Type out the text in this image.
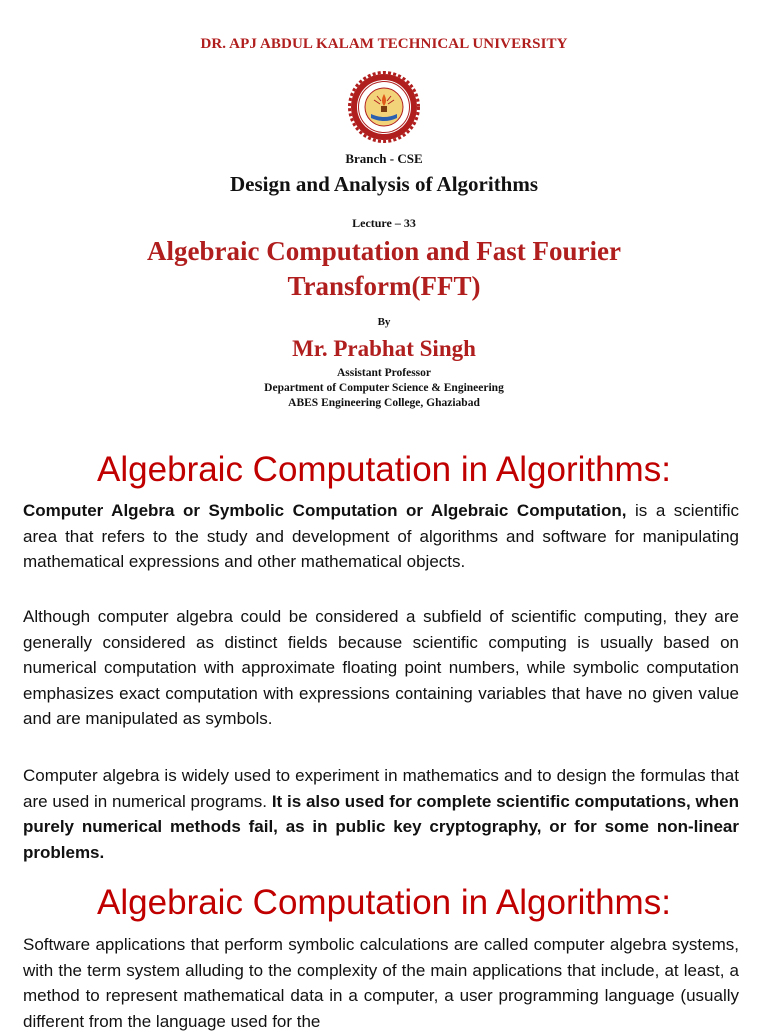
DR. APJ ABDUL KALAM TECHNICAL UNIVERSITY
Branch - CSE
Design and Analysis of Algorithms
Lecture – 33
Algebraic Computation and Fast Fourier
Transform(FFT)
By
Mr. Prabhat Singh
Assistant Professor
Department of Computer Science & Engineering
ABES Engineering College, Ghaziabad
Algebraic Computation in Algorithms:
Computer Algebra or Symbolic Computation or Algebraic Computation, is a scientific area that refers to the study and development of algorithms and software for manipulating mathematical expressions and other mathematical objects.
Although computer algebra could be considered a subfield of scientific computing, they are generally considered as distinct fields because scientific computing is usually based on numerical computation with approximate floating point numbers, while symbolic computation emphasizes exact computation with expressions containing variables that have no given value and are manipulated as symbols.
Computer algebra is widely used to experiment in mathematics and to design the formulas that are used in numerical programs. It is also used for complete scientific computations, when purely numerical methods fail, as in public key cryptography, or for some non-linear problems.
Algebraic Computation in Algorithms:
Software applications that perform symbolic calculations are called computer algebra systems, with the term system alluding to the complexity of the main applications that include, at least, a method to represent mathematical data in a computer, a user programming language (usually different from the language used for the
